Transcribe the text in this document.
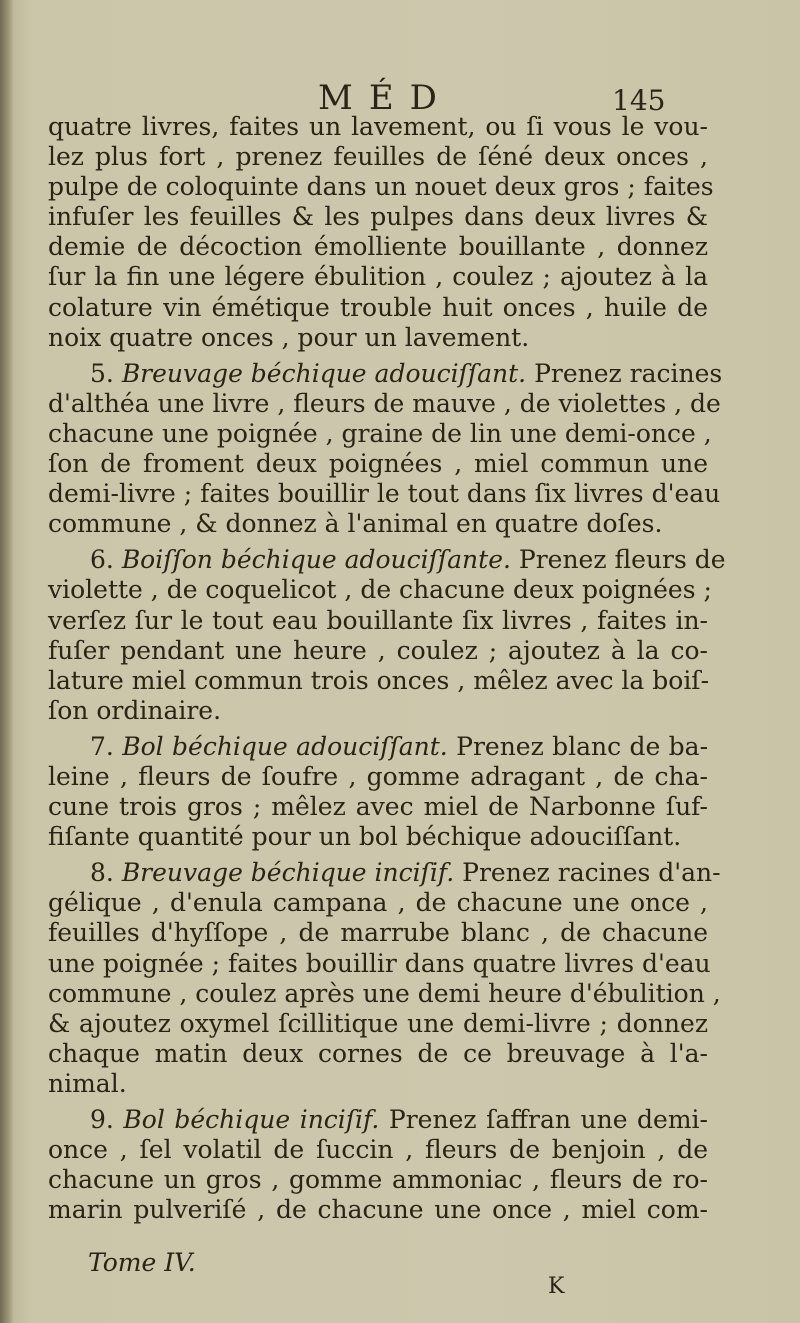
MÉD	145
quatre livres, faites un lavement, ou ſi vous le vou-
lez plus fort , prenez feuilles de ſéné deux onces ,
pulpe de coloquinte dans un nouet deux gros ; faites
infuſer les feuilles & les pulpes dans deux livres &
demie de décoction émolliente bouillante , donnez
ſur la fin une légere ébulition , coulez ; ajoutez à la
colature vin émétique trouble huit onces , huile de
noix quatre onces , pour un lavement.
5. Breuvage béchique adouciſſant. Prenez racines
d'althéa une livre , fleurs de mauve , de violettes , de
chacune une poignée , graine de lin une demi-once ,
ſon de froment deux poignées , miel commun une
demi-livre ; faites bouillir le tout dans ſix livres d'eau
commune , & donnez à l'animal en quatre doſes.
6. Boiſſon béchique adouciſſante. Prenez fleurs de
violette , de coquelicot , de chacune deux poignées ;
verſez ſur le tout eau bouillante ſix livres , faites in-
fuſer pendant une heure , coulez ; ajoutez à la co-
lature miel commun trois onces , mêlez avec la boiſ-
ſon ordinaire.
7. Bol béchique adouciſſant. Prenez blanc de ba-
leine , fleurs de ſoufre , gomme adragant , de cha-
cune trois gros ; mêlez avec miel de Narbonne ſuf-
fiſante quantité pour un bol béchique adouciſſant.
8. Breuvage béchique inciſif. Prenez racines d'an-
gélique , d'enula campana , de chacune une once ,
feuilles d'hyſſope , de marrube blanc , de chacune
une poignée ; faites bouillir dans quatre livres d'eau
commune , coulez après une demi heure d'ébulition ,
& ajoutez oxymel ſcillitique une demi-livre ; donnez
chaque matin deux cornes de ce breuvage à l'a-
nimal.
9. Bol béchique inciſif. Prenez ſaffran une demi-
once , ſel volatil de ſuccin , fleurs de benjoin , de
chacune un gros , gomme ammoniac , fleurs de ro-
marin pulveriſé , de chacune une once , miel com-
Tome IV.
K
